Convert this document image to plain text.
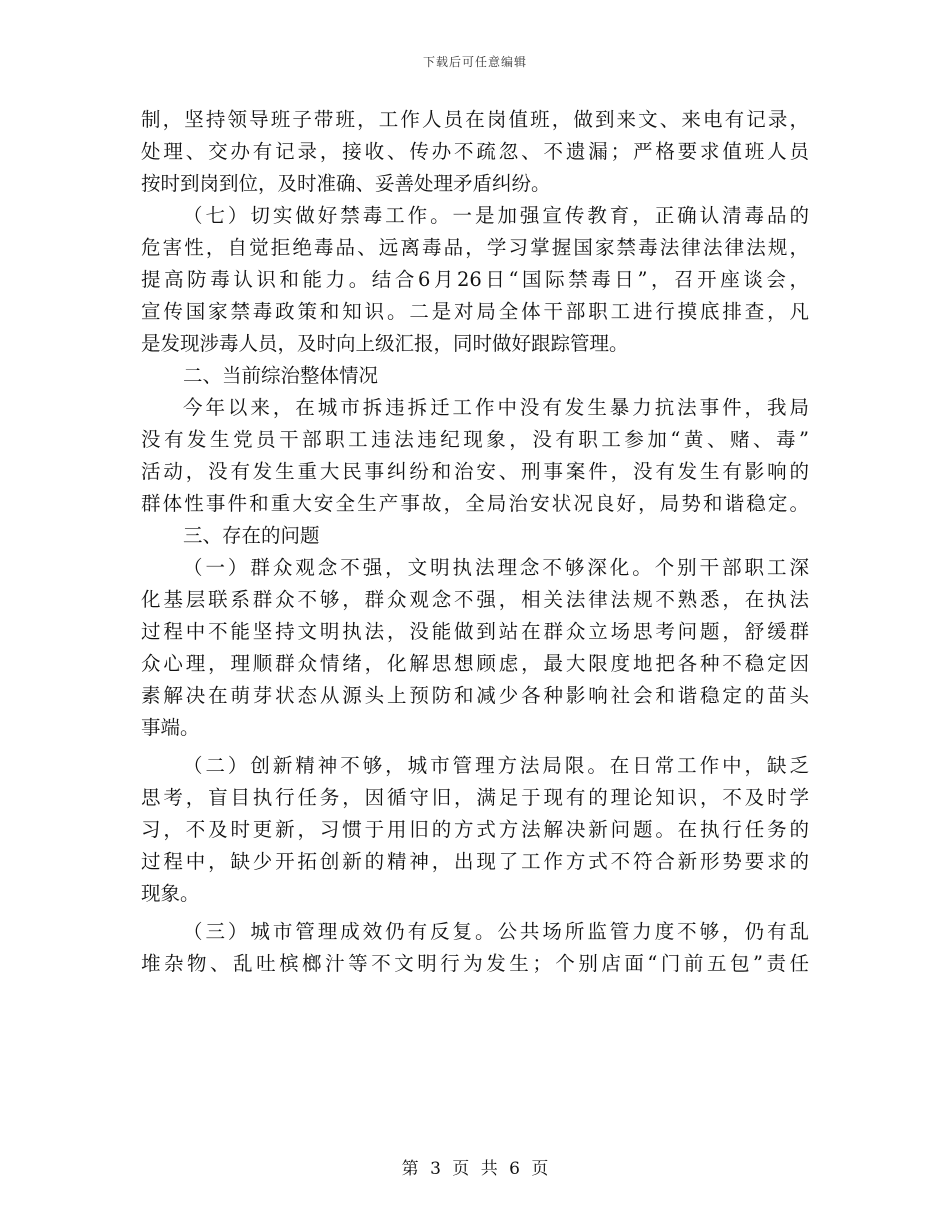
下载后可任意编辑
制，坚持领导班子带班，工作人员在岗值班，做到来文、来电有记录，
处理、交办有记录，接收、传办不疏忽、不遗漏；严格要求值班人员
按时到岗到位，及时准确、妥善处理矛盾纠纷。
（七）切实做好禁毒工作。一是加强宣传教育，正确认清毒品的
危害性，自觉拒绝毒品、远离毒品，学习掌握国家禁毒法律法律法规，
提高防毒认识和能力。结合6月26日“国际禁毒日”，召开座谈会，
宣传国家禁毒政策和知识。二是对局全体干部职工进行摸底排查，凡
是发现涉毒人员，及时向上级汇报，同时做好跟踪管理。
二、当前综治整体情况
今年以来，在城市拆违拆迁工作中没有发生暴力抗法事件，我局
没有发生党员干部职工违法违纪现象，没有职工参加“黄、赌、毒”
活动，没有发生重大民事纠纷和治安、刑事案件，没有发生有影响的
群体性事件和重大安全生产事故，全局治安状况良好，局势和谐稳定。
三、存在的问题
（一）群众观念不强，文明执法理念不够深化。个别干部职工深
化基层联系群众不够，群众观念不强，相关法律法规不熟悉，在执法
过程中不能坚持文明执法，没能做到站在群众立场思考问题，舒缓群
众心理，理顺群众情绪，化解思想顾虑，最大限度地把各种不稳定因
素解决在萌芽状态从源头上预防和减少各种影响社会和谐稳定的苗头
事端。
（二）创新精神不够，城市管理方法局限。在日常工作中，缺乏
思考，盲目执行任务，因循守旧，满足于现有的理论知识，不及时学
习，不及时更新，习惯于用旧的方式方法解决新问题。在执行任务的
过程中，缺少开拓创新的精神，出现了工作方式不符合新形势要求的
现象。
（三）城市管理成效仍有反复。公共场所监管力度不够，仍有乱
堆杂物、乱吐槟榔汁等不文明行为发生；个别店面“门前五包”责任
第 3 页 共 6 页
